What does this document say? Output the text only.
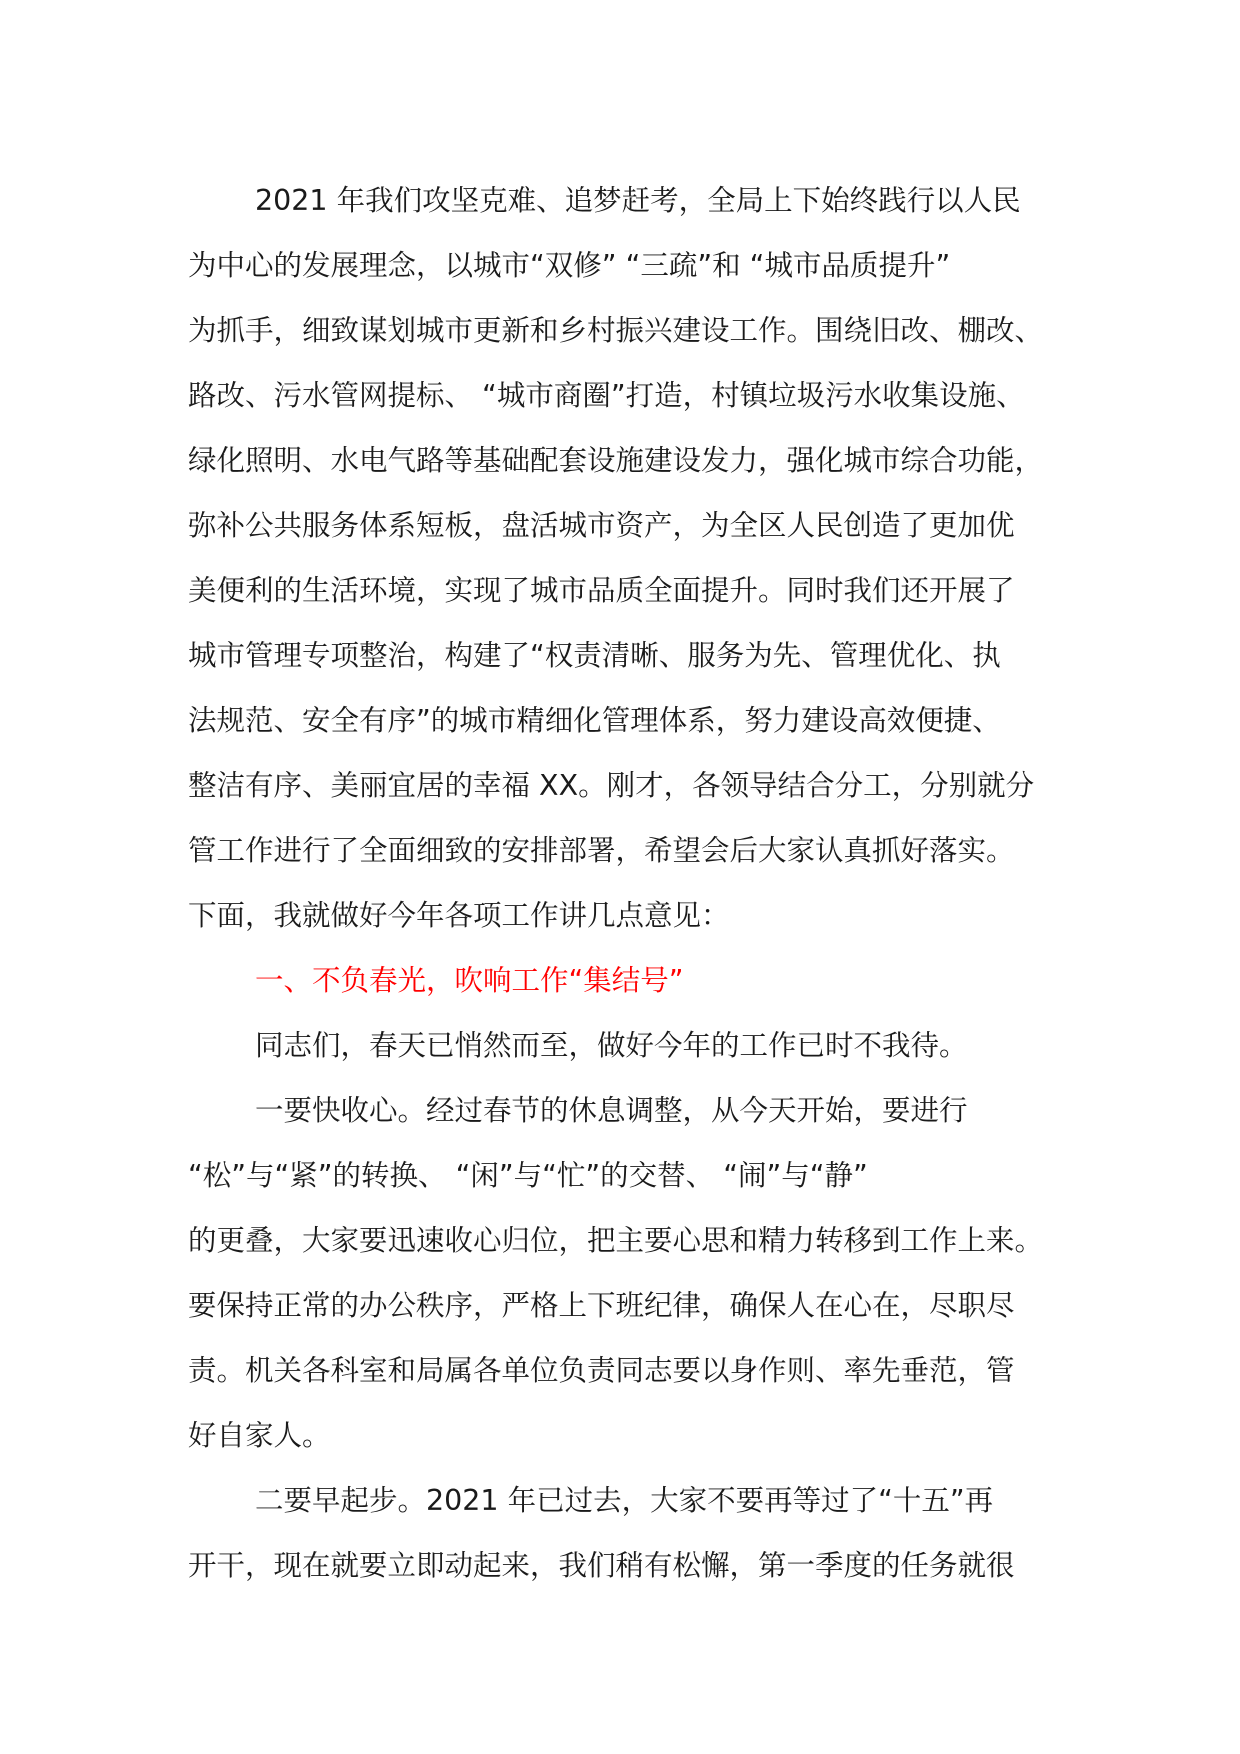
2021 年我们攻坚克难、追梦赶考，全局上下始终践行以人民
为中心的发展理念，以城市“双修” “三疏”和 “城市品质提升”
为抓手，细致谋划城市更新和乡村振兴建设工作。围绕旧改、棚改、
路改、污水管网提标、 “城市商圈”打造，村镇垃圾污水收集设施、
绿化照明、水电气路等基础配套设施建设发力，强化城市综合功能，
弥补公共服务体系短板，盘活城市资产，为全区人民创造了更加优
美便利的生活环境，实现了城市品质全面提升。同时我们还开展了
城市管理专项整治，构建了“权责清晰、服务为先、管理优化、执
法规范、安全有序”的城市精细化管理体系，努力建设高效便捷、
整洁有序、美丽宜居的幸福 XX。刚才，各领导结合分工，分别就分
管工作进行了全面细致的安排部署，希望会后大家认真抓好落实。
下面，我就做好今年各项工作讲几点意见：
一、不负春光，吹响工作“集结号”
同志们，春天已悄然而至，做好今年的工作已时不我待。
一要快收心。经过春节的休息调整，从今天开始，要进行
“松”与“紧”的转换、 “闲”与“忙”的交替、 “闹”与“静”
的更叠，大家要迅速收心归位，把主要心思和精力转移到工作上来。
要保持正常的办公秩序，严格上下班纪律，确保人在心在，尽职尽
责。机关各科室和局属各单位负责同志要以身作则、率先垂范，管
好自家人。
二要早起步。2021 年已过去，大家不要再等过了“十五”再
开干，现在就要立即动起来，我们稍有松懈，第一季度的任务就很
